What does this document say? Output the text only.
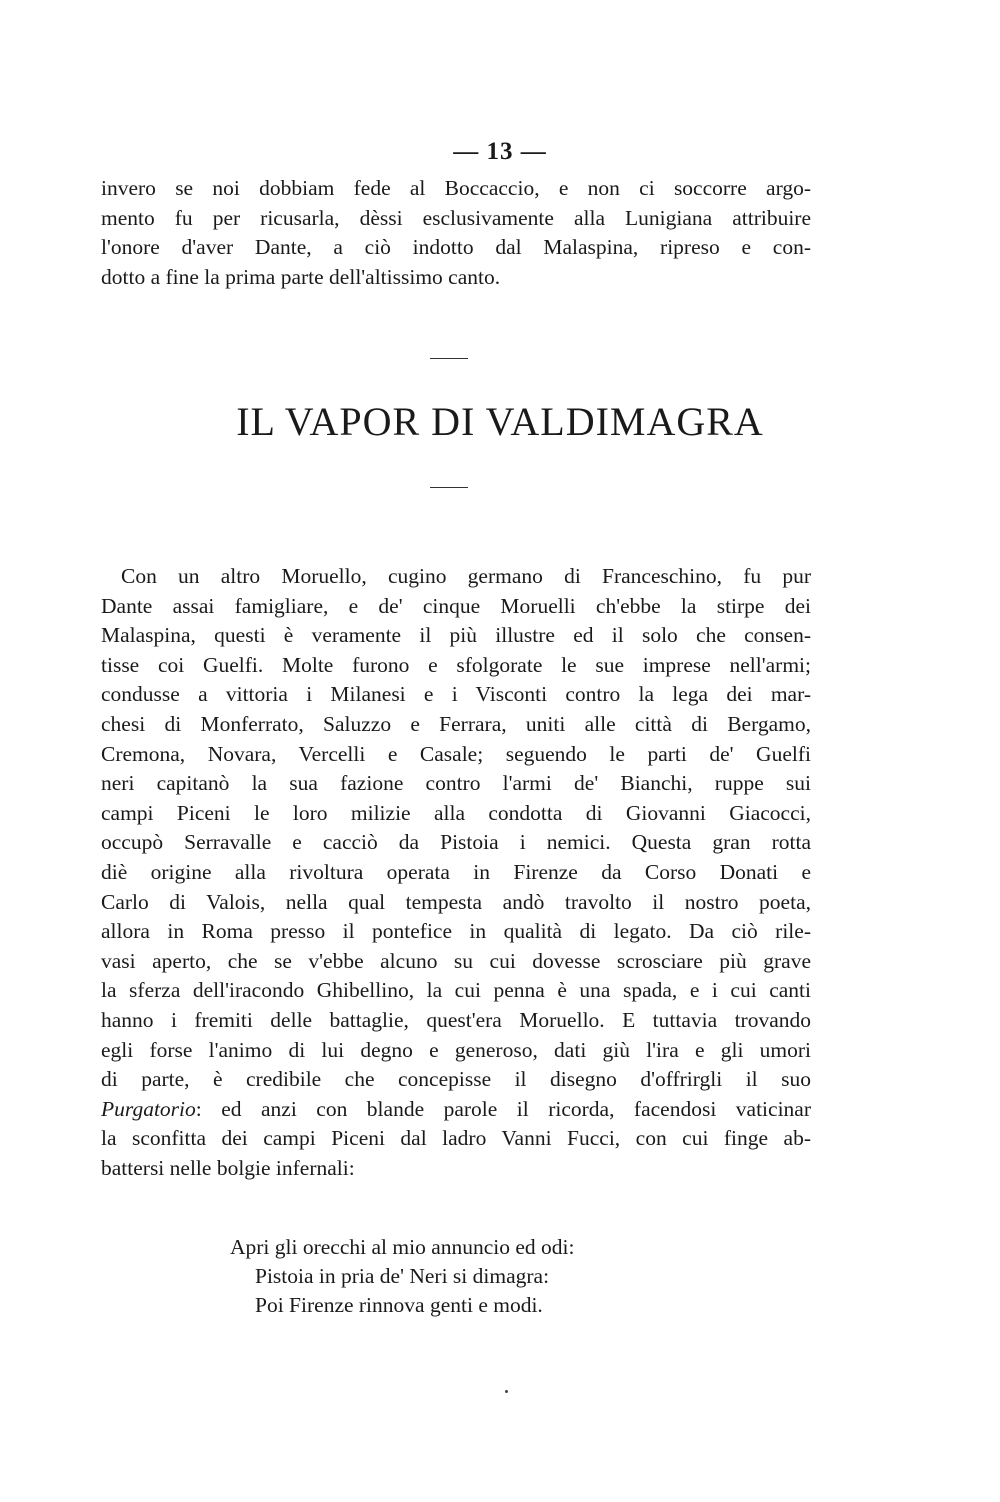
— 13 —
invero se noi dobbiam fede al Boccaccio, e non ci soccorre argo-
mento fu per ricusarla, dèssi esclusivamente alla Lunigiana attribuire
l'onore d'aver Dante, a ciò indotto dal Malaspina, ripreso e con-
dotto a fine la prima parte dell'altissimo canto.
IL VAPOR DI VALDIMAGRA
Con un altro Moruello, cugino germano di Franceschino, fu pur
Dante assai famigliare, e de' cinque Moruelli ch'ebbe la stirpe dei
Malaspina, questi è veramente il più illustre ed il solo che consen-
tisse coi Guelfi. Molte furono e sfolgorate le sue imprese nell'armi;
condusse a vittoria i Milanesi e i Visconti contro la lega dei mar-
chesi di Monferrato, Saluzzo e Ferrara, uniti alle città di Bergamo,
Cremona, Novara, Vercelli e Casale; seguendo le parti de' Guelfi
neri capitanò la sua fazione contro l'armi de' Bianchi, ruppe sui
campi Piceni le loro milizie alla condotta di Giovanni Giacocci,
occupò Serravalle e cacciò da Pistoia i nemici. Questa gran rotta
diè origine alla rivoltura operata in Firenze da Corso Donati e
Carlo di Valois, nella qual tempesta andò travolto il nostro poeta,
allora in Roma presso il pontefice in qualità di legato. Da ciò rile-
vasi aperto, che se v'ebbe alcuno su cui dovesse scrosciare più grave
la sferza dell'iracondo Ghibellino, la cui penna è una spada, e i cui canti
hanno i fremiti delle battaglie, quest'era Moruello. E tuttavia trovando
egli forse l'animo di lui degno e generoso, dati giù l'ira e gli umori
di parte, è credibile che concepisse il disegno d'offrirgli il suo
Purgatorio: ed anzi con blande parole il ricorda, facendosi vaticinar
la sconfitta dei campi Piceni dal ladro Vanni Fucci, con cui finge ab-
battersi nelle bolgie infernali:
Apri gli orecchi al mio annuncio ed odi:
Pistoia in pria de' Neri si dimagra:
Poi Firenze rinnova genti e modi.
